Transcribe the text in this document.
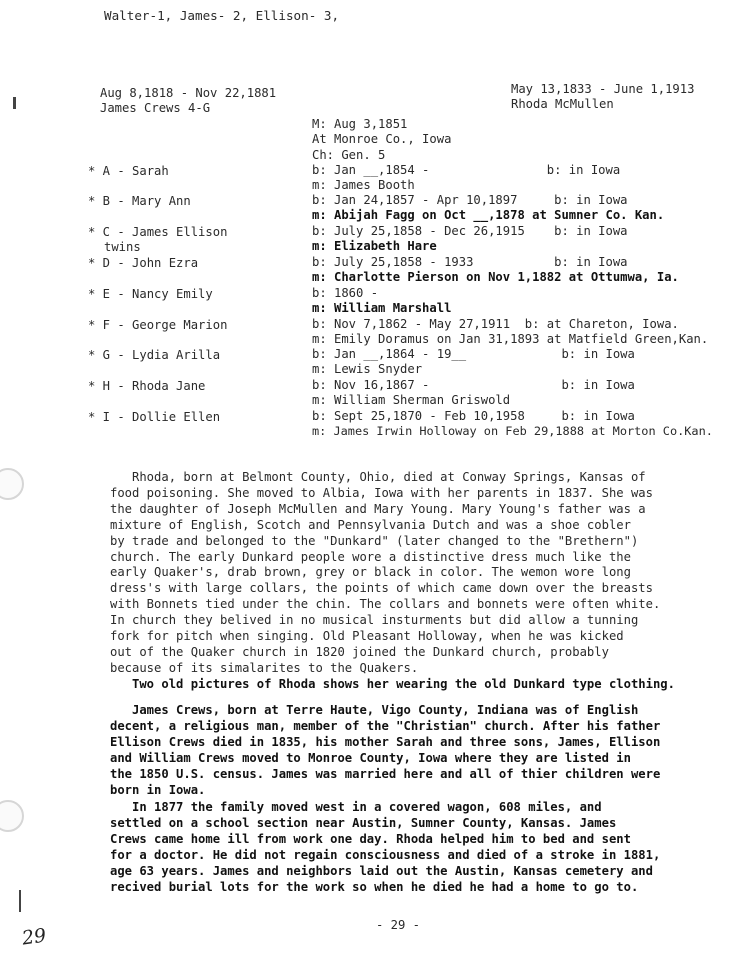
Walter-1, James- 2, Ellison- 3,
Aug 8,1818 - Nov 22,1881
James Crews 4-G
May 13,1833 - June 1,1913
Rhoda McMullen
M: Aug 3,1851
At Monroe Co., Iowa
Ch: Gen. 5
* A - Sarah	b: Jan __,1854 -                b: in Iowa
m: James Booth
* B - Mary Ann	b: Jan 24,1857 - Apr 10,1897     b: in Iowa
m: Abijah Fagg on Oct __,1878 at Sumner Co. Kan.
* C - James Ellison
twins
b: July 25,1858 - Dec 26,1915    b: in Iowa
m: Elizabeth Hare
* D - John Ezra	b: July 25,1858 - 1933           b: in Iowa
m: Charlotte Pierson on Nov 1,1882 at Ottumwa, Ia.
* E - Nancy Emily	b: 1860 -
m: William Marshall
* F - George Marion	b: Nov 7,1862 - May 27,1911  b: at Chareton, Iowa.
m: Emily Doramus on Jan 31,1893 at Matfield Green,Kan.
* G - Lydia Arilla	b: Jan __,1864 - 19__             b: in Iowa
m: Lewis Snyder
* H - Rhoda Jane	b: Nov 16,1867 -                  b: in Iowa
m: William Sherman Griswold
* I - Dollie Ellen	b: Sept 25,1870 - Feb 10,1958     b: in Iowa
m: James Irwin Holloway on Feb 29,1888 at Morton Co.Kan.
Rhoda, born at Belmont County, Ohio, died at Conway Springs, Kansas of
food poisoning. She moved to Albia, Iowa with her parents in 1837. She was
the daughter of Joseph McMullen and Mary Young. Mary Young's father was a
mixture of English, Scotch and Pennsylvania Dutch and was a shoe cobler
by trade and belonged to the "Dunkard" (later changed to the "Brethern")
church. The early Dunkard people wore a distinctive dress much like the
early Quaker's, drab brown, grey or black in color. The wemon wore long
dress's with large collars, the points of which came down over the breasts
with Bonnets tied under the chin. The collars and bonnets were often white.
In church they belived in no musical insturments but did allow a tunning
fork for pitch when singing. Old Pleasant Holloway, when he was kicked
out of the Quaker church in 1820 joined the Dunkard church, probably
because of its simalarites to the Quakers.
Two old pictures of Rhoda shows her wearing the old Dunkard type clothing.
James Crews, born at Terre Haute, Vigo County, Indiana was of English
decent, a religious man, member of the "Christian" church. After his father
Ellison Crews died in 1835, his mother Sarah and three sons, James, Ellison
and William Crews moved to Monroe County, Iowa where they are listed in
the 1850 U.S. census. James was married here and all of thier children were
born in Iowa.
In 1877 the family moved west in a covered wagon, 608 miles, and
settled on a school section near Austin, Sumner County, Kansas. James
Crews came home ill from work one day. Rhoda helped him to bed and sent
for a doctor. He did not regain consciousness and died of a stroke in 1881,
age 63 years. James and neighbors laid out the Austin, Kansas cemetery and
recived burial lots for the work so when he died he had a home to go to.
- 29 -
29
